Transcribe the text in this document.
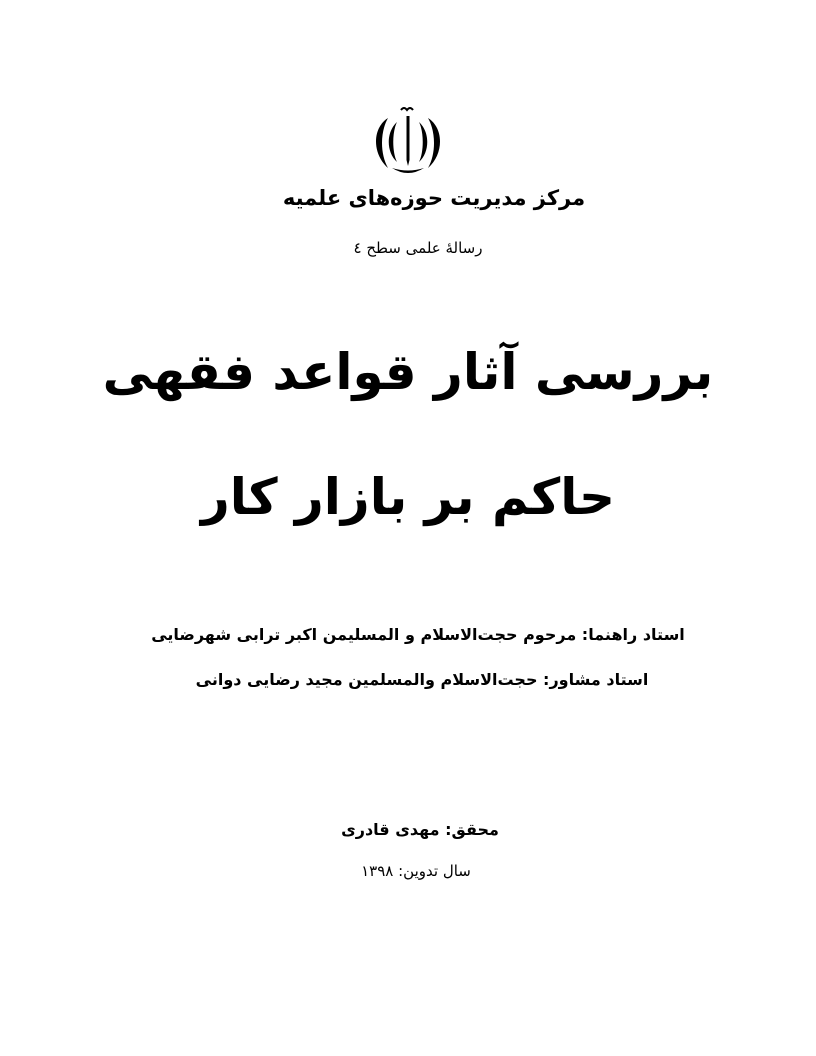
مرکز مدیریت حوزه‌های علمیه
رسالهٔ علمی سطح ٤
بررسی آثار قواعد فقهی
حاکم بر بازار کار
استاد راهنما: مرحوم حجت‌الاسلام و المسلیمن اکبر ترابی شهرضایی
استاد مشاور: حجت‌الاسلام والمسلمین مجید رضایی دوانی
محقق: مهدی قادری
سال تدوین: ١٣٩٨
